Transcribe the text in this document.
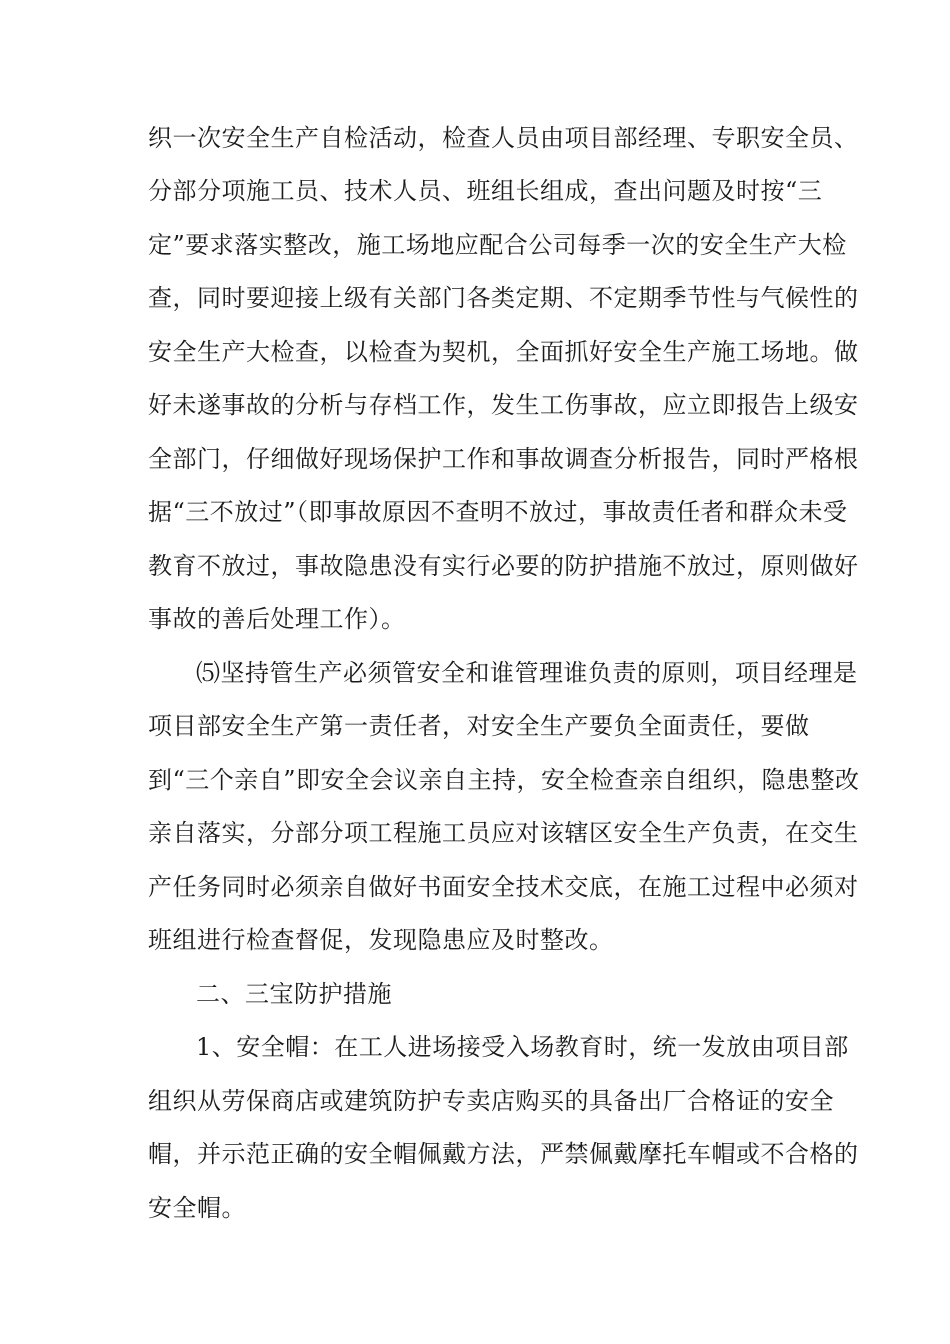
织一次安全生产自检活动，检查人员由项目部经理、专职安全员、
分部分项施工员、技术人员、班组长组成，查出问题及时按“三
定”要求落实整改，施工场地应配合公司每季一次的安全生产大检
查，同时要迎接上级有关部门各类定期、不定期季节性与气候性的
安全生产大检查，以检查为契机，全面抓好安全生产施工场地。做
好未遂事故的分析与存档工作，发生工伤事故，应立即报告上级安
全部门，仔细做好现场保护工作和事故调查分析报告，同时严格根
据“三不放过”（即事故原因不查明不放过，事故责任者和群众未受
教育不放过，事故隐患没有实行必要的防护措施不放过，原则做好
事故的善后处理工作）。
⑸坚持管生产必须管安全和谁管理谁负责的原则，项目经理是
项目部安全生产第一责任者，对安全生产要负全面责任，要做
到“三个亲自”即安全会议亲自主持，安全检查亲自组织，隐患整改
亲自落实，分部分项工程施工员应对该辖区安全生产负责，在交生
产任务同时必须亲自做好书面安全技术交底，在施工过程中必须对
班组进行检查督促，发现隐患应及时整改。
二、三宝防护措施
1、安全帽：在工人进场接受入场教育时，统一发放由项目部
组织从劳保商店或建筑防护专卖店购买的具备出厂合格证的安全
帽，并示范正确的安全帽佩戴方法，严禁佩戴摩托车帽或不合格的
安全帽。
